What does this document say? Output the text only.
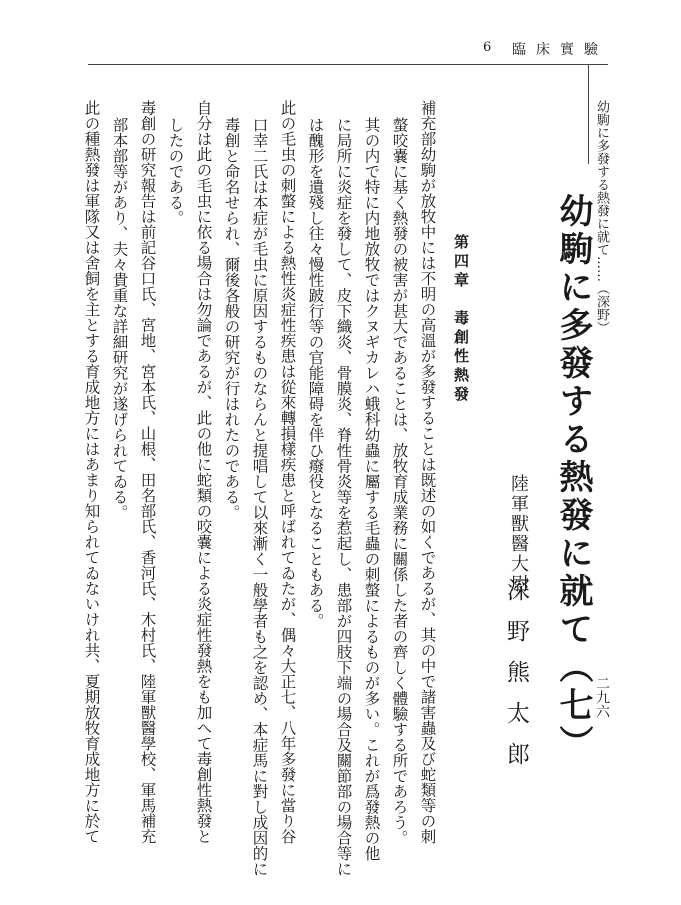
6 臨床實驗
幼駒に多發する熱發に就て……（深野）
二九六
幼駒に多發する熱發に就て（七）
陸軍獸醫大尉
深野熊太郎
第四章　毒創性熱發
補充部幼駒が放牧中には不明の高溫が多發することは既述の如くであるが、其の中で諸害蟲及び蛇類等の刺
螫咬嚢に基く熱發の被害が甚大であることは、放牧育成業務に關係した者の齊しく體驗する所であろう。
其の内で特に内地放牧ではクヌギカレハ蛾科幼蟲に屬する毛蟲の刺螫によるものが多い。これが爲發熱の他
に局所に炎症を發して、皮下織炎、骨膜炎、脊性骨炎等を惹起し、患部が四肢下端の場合及關節部の場合等に
は醜形を遺殘し往々慢性跛行等の官能障碍を伴ひ癈役となることもある。
此の毛虫の刺螫による熱性炎症性疾患は從來轉損樣疾患と呼ばれてゐたが、偶々大正七、八年多發に當り谷
口幸二氏は本症が毛虫に原因するものならんと提唱して以來漸く一般學者も之を認め、本症馬に對し成因的に
毒創と命名せられ、爾後各般の研究が行はれたのである。
自分は此の毛虫に依る場合は勿論であるが、此の他に蛇類の咬嚢による炎症性發熱をも加へて毒創性熱發と
したのである。
毒創の研究報告は前記谷口氏、宮地、宮本氏、山根、田名部氏、香河氏、木村氏、陸軍獸醫學校、軍馬補充
部本部等があり、夫々貴重な詳細研究が遂げられてゐる。
此の種熱發は軍隊又は舍飼を主とする育成地方にはあまり知られてゐないけれ共、夏期放牧育成地方に於て
